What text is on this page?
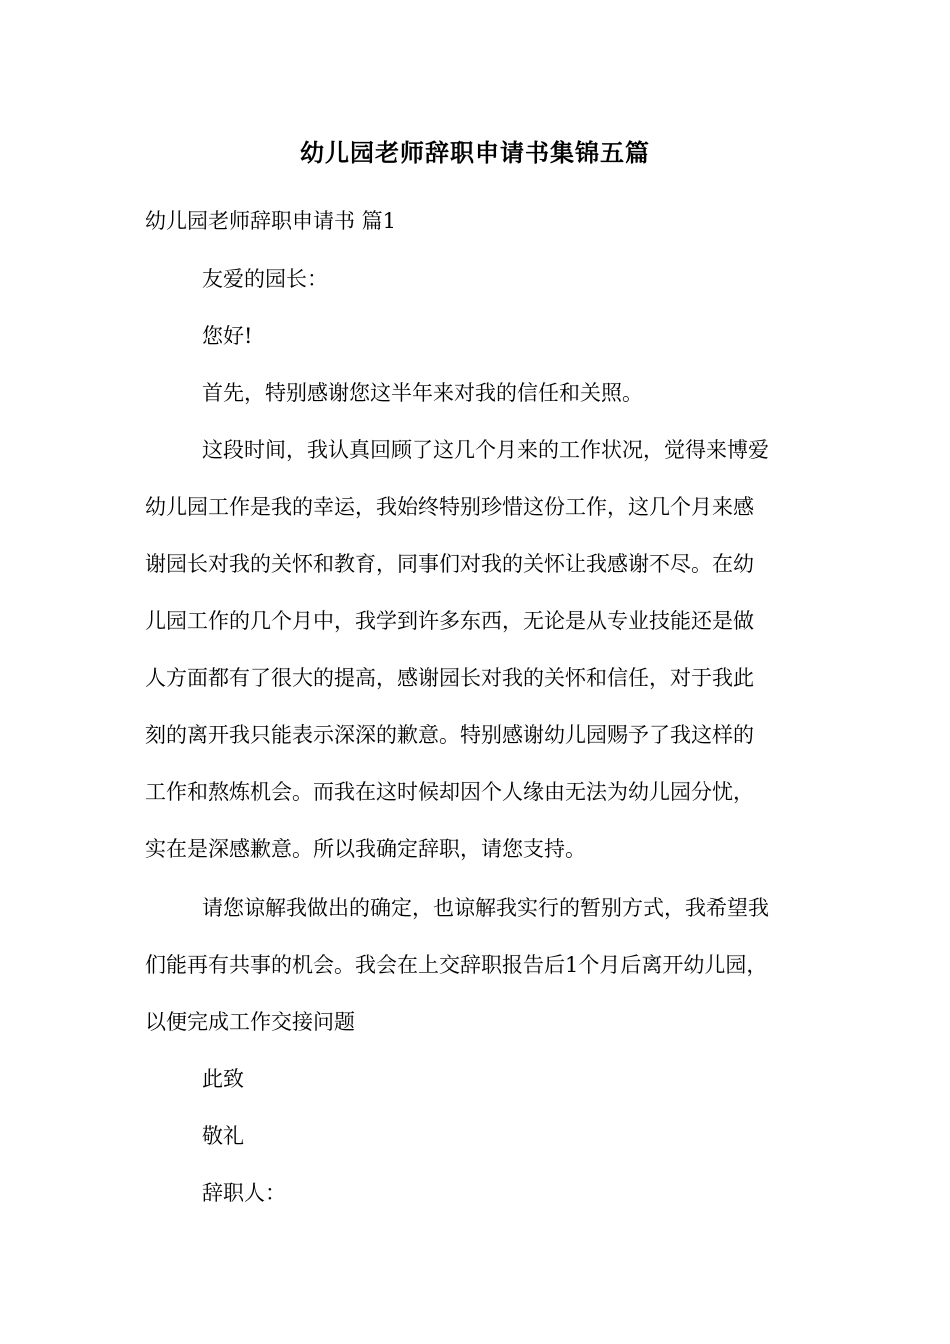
幼儿园老师辞职申请书集锦五篇
幼儿园老师辞职申请书 篇1
友爱的园长：
您好!
首先，特别感谢您这半年来对我的信任和关照。
这段时间，我认真回顾了这几个月来的工作状况，觉得来博爱
幼儿园工作是我的幸运，我始终特别珍惜这份工作，这几个月来感
谢园长对我的关怀和教育，同事们对我的关怀让我感谢不尽。在幼
儿园工作的几个月中，我学到许多东西，无论是从专业技能还是做
人方面都有了很大的提高，感谢园长对我的关怀和信任，对于我此
刻的离开我只能表示深深的歉意。特别感谢幼儿园赐予了我这样的
工作和熬炼机会。而我在这时候却因个人缘由无法为幼儿园分忧，
实在是深感歉意。所以我确定辞职，请您支持。
请您谅解我做出的确定，也谅解我实行的暂别方式，我希望我
们能再有共事的机会。我会在上交辞职报告后1个月后离开幼儿园，
以便完成工作交接问题
此致
敬礼
辞职人：
